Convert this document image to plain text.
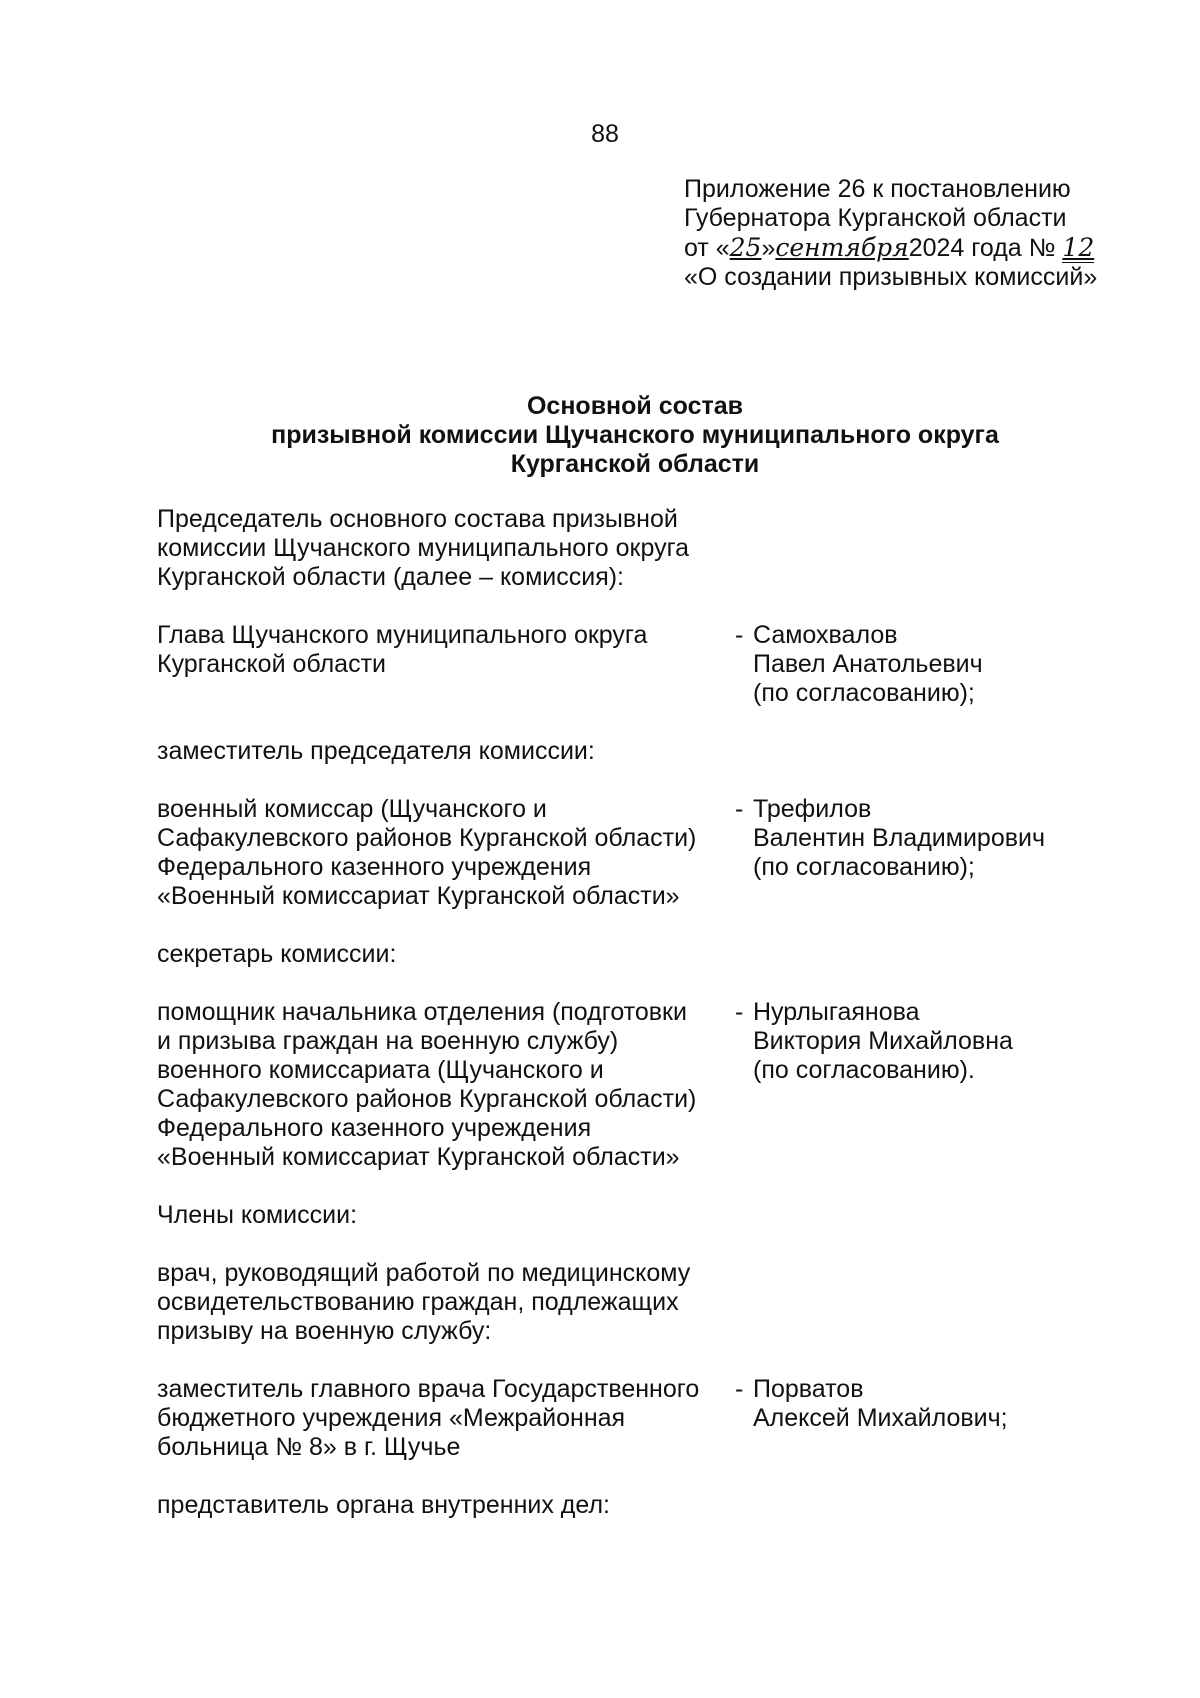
88
Приложение 26 к постановлению
Губернатора Курганской области
от «25»сентября2024 года № 12
«О создании призывных комиссий»
Основной состав
призывной комиссии Щучанского муниципального округа
Курганской области
Председатель основного состава призывной
комиссии Щучанского муниципального округа
Курганской области (далее – комиссия):
Глава Щучанского муниципального округа
Курганской области
- Самохвалов
Павел Анатольевич
(по согласованию);
заместитель председателя комиссии:
военный комиссар (Щучанского и
Сафакулевского районов Курганской области)
Федерального казенного учреждения
«Военный комиссариат Курганской области»
- Трефилов
Валентин Владимирович
(по согласованию);
секретарь комиссии:
помощник начальника отделения (подготовки
и призыва граждан на военную службу)
военного комиссариата (Щучанского и
Сафакулевского районов Курганской области)
Федерального казенного учреждения
«Военный комиссариат Курганской области»
- Нурлыгаянова
Виктория Михайловна
(по согласованию).
Члены комиссии:
врач, руководящий работой по медицинскому
освидетельствованию граждан, подлежащих
призыву на военную службу:
заместитель главного врача Государственного
бюджетного учреждения «Межрайонная
больница № 8» в г. Щучье
- Порватов
Алексей Михайлович;
представитель органа внутренних дел:
